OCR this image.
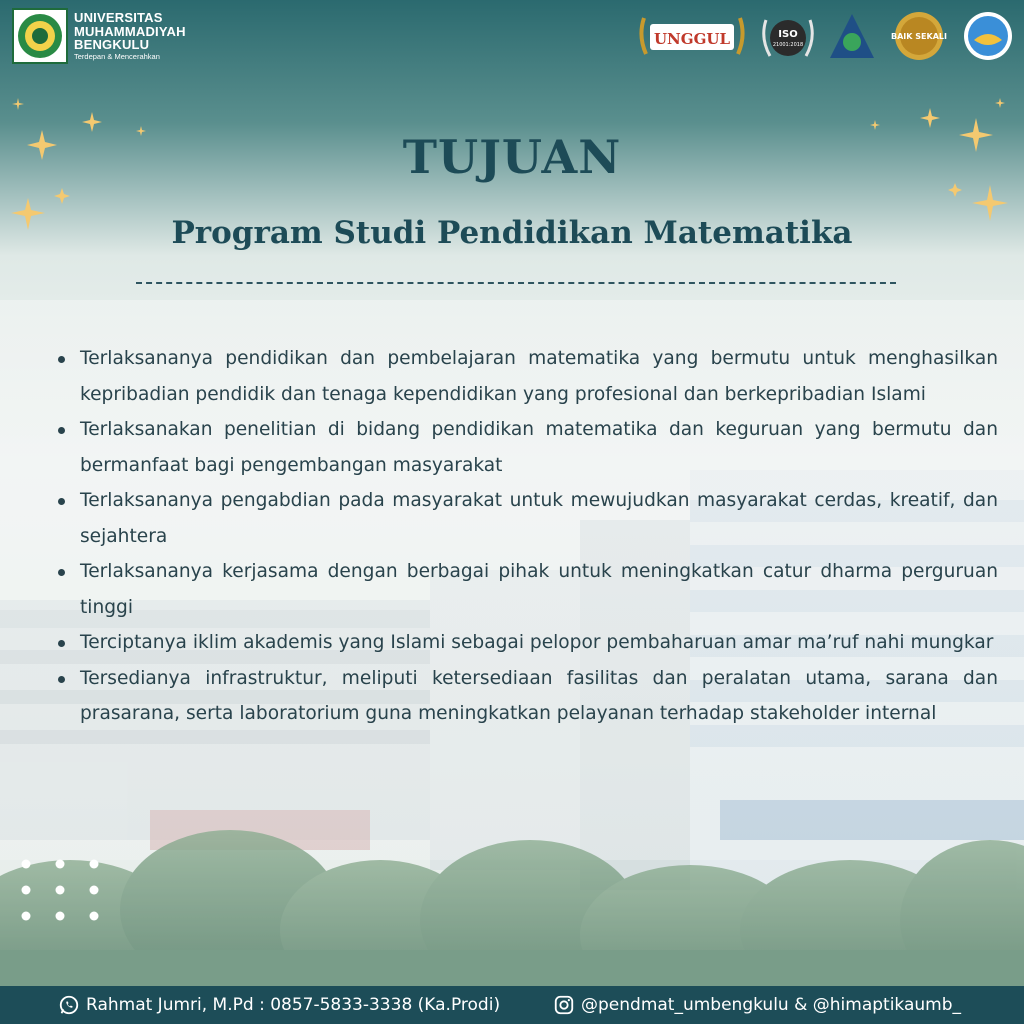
UNIVERSITAS
MUHAMMADIYAH
BENGKULU
Terdepan & Mencerahkan
UNGGUL	ISO
21001:2018
BAIK SEKALI
TUJUAN
Program Studi Pendidikan Matematika
Terlaksananya pendidikan dan pembelajaran matematika yang bermutu untuk menghasilkan kepribadian pendidik dan tenaga kependidikan yang profesional dan berkepribadian Islami
Terlaksanakan penelitian di bidang pendidikan matematika dan keguruan yang bermutu dan bermanfaat bagi pengembangan masyarakat
Terlaksananya pengabdian pada masyarakat untuk mewujudkan masyarakat cerdas, kreatif, dan sejahtera
Terlaksananya kerjasama dengan berbagai pihak untuk meningkatkan catur dharma perguruan tinggi
Terciptanya iklim akademis yang Islami sebagai pelopor pembaharuan amar ma’ruf nahi mungkar
Tersedianya infrastruktur, meliputi ketersediaan fasilitas dan peralatan utama, sarana dan prasarana, serta laboratorium guna meningkatkan pelayanan terhadap stakeholder internal
Rahmat Jumri, M.Pd : 0857-5833-3338 (Ka.Prodi)	@pendmat_umbengkulu & @himaptikaumb_
